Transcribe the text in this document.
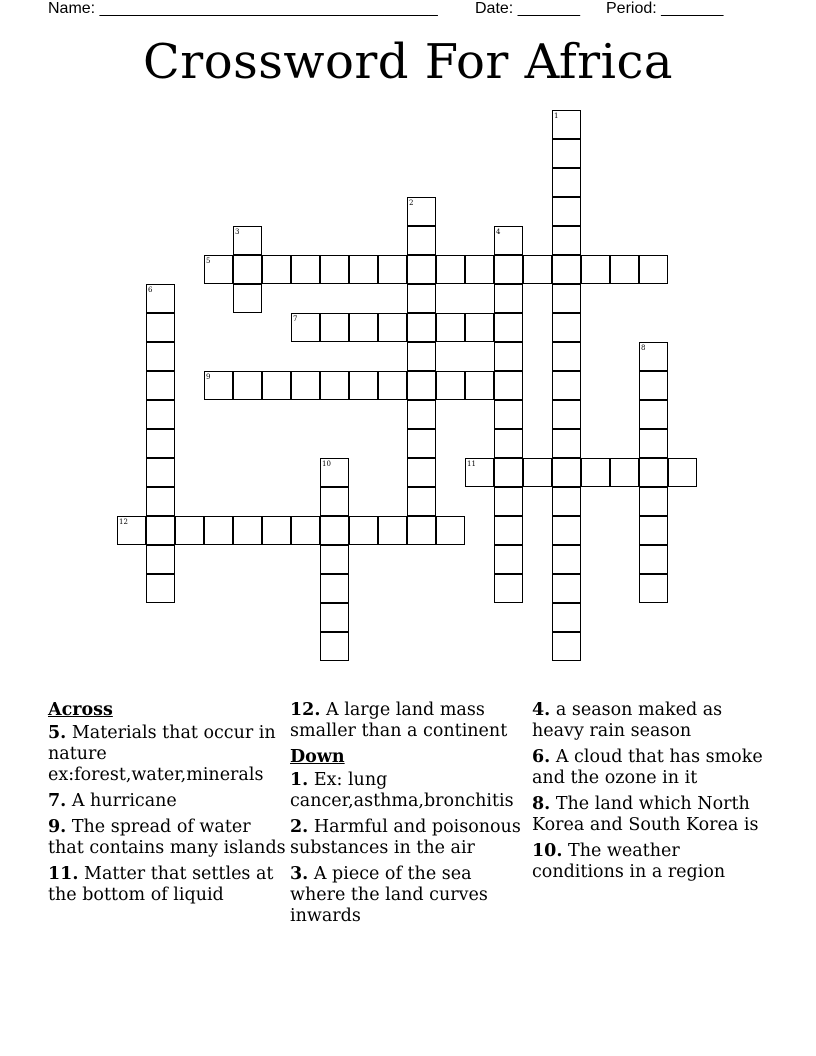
Name: ______________________________________ Date: _______ Period: _______
Crossword For Africa
1
2
3	4
5
6
7
8
9
10	11
12
Across
5. Materials that occur in nature ex:forest,water,minerals
7. A hurricane
9. The spread of water that contains many islands
11. Matter that settles at the bottom of liquid
12. A large land mass smaller than a continent
Down
1. Ex: lung cancer,asthma,bronchitis
2. Harmful and poisonous substances in the air
3. A piece of the sea where the land curves inwards
4. a season maked as heavy rain season
6. A cloud that has smoke and the ozone in it
8. The land which North Korea and South Korea is
10. The weather conditions in a region
